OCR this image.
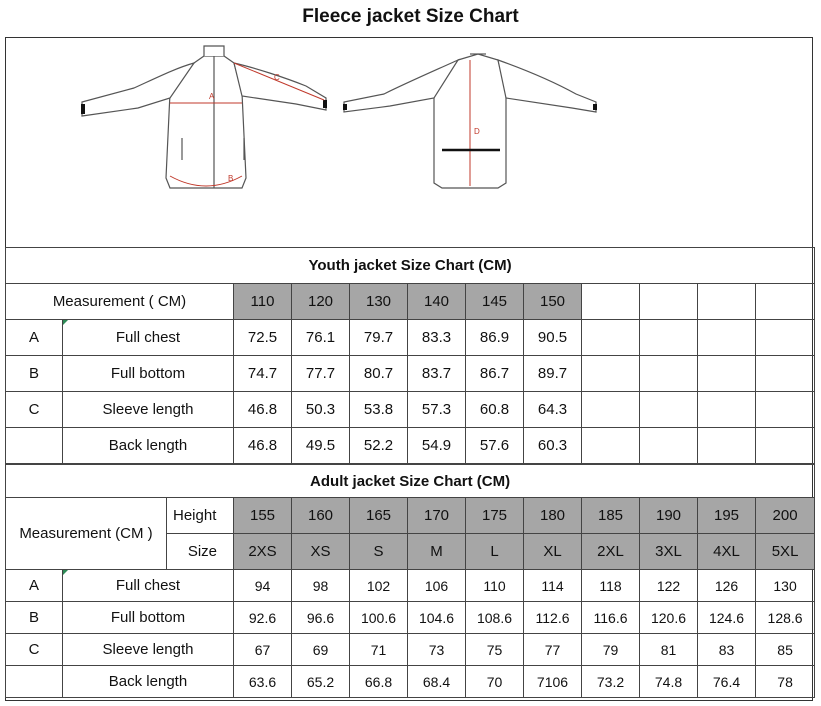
Fleece jacket Size Chart
A
B
C
D
Youth jacket Size Chart (CM)											
Measurement ( CM)		110	120	130	140	145	150				
A	Full chest	72.5	76.1	79.7	83.3	86.9	90.5				
B	Full bottom	74.7	77.7	80.7	83.7	86.7	89.7				
C	Sleeve length	46.8	50.3	53.8	57.3	60.8	64.3				
	Back length	46.8	49.5	52.2	54.9	57.6	60.3				
Adult jacket Size Chart (CM)												
Measurement (CM )		Height	155	160	165	170	175	180	185	190	195	200
		Size	2XS	XS	S	M	L	XL	2XL	3XL	4XL	5XL
A	Full chest		94	98	102	106	110	114	118	122	126	130
B	Full bottom		92.6	96.6	100.6	104.6	108.6	112.6	116.6	120.6	124.6	128.6
C	Sleeve length		67	69	71	73	75	77	79	81	83	85
	Back length		63.6	65.2	66.8	68.4	70	7106	73.2	74.8	76.4	78
